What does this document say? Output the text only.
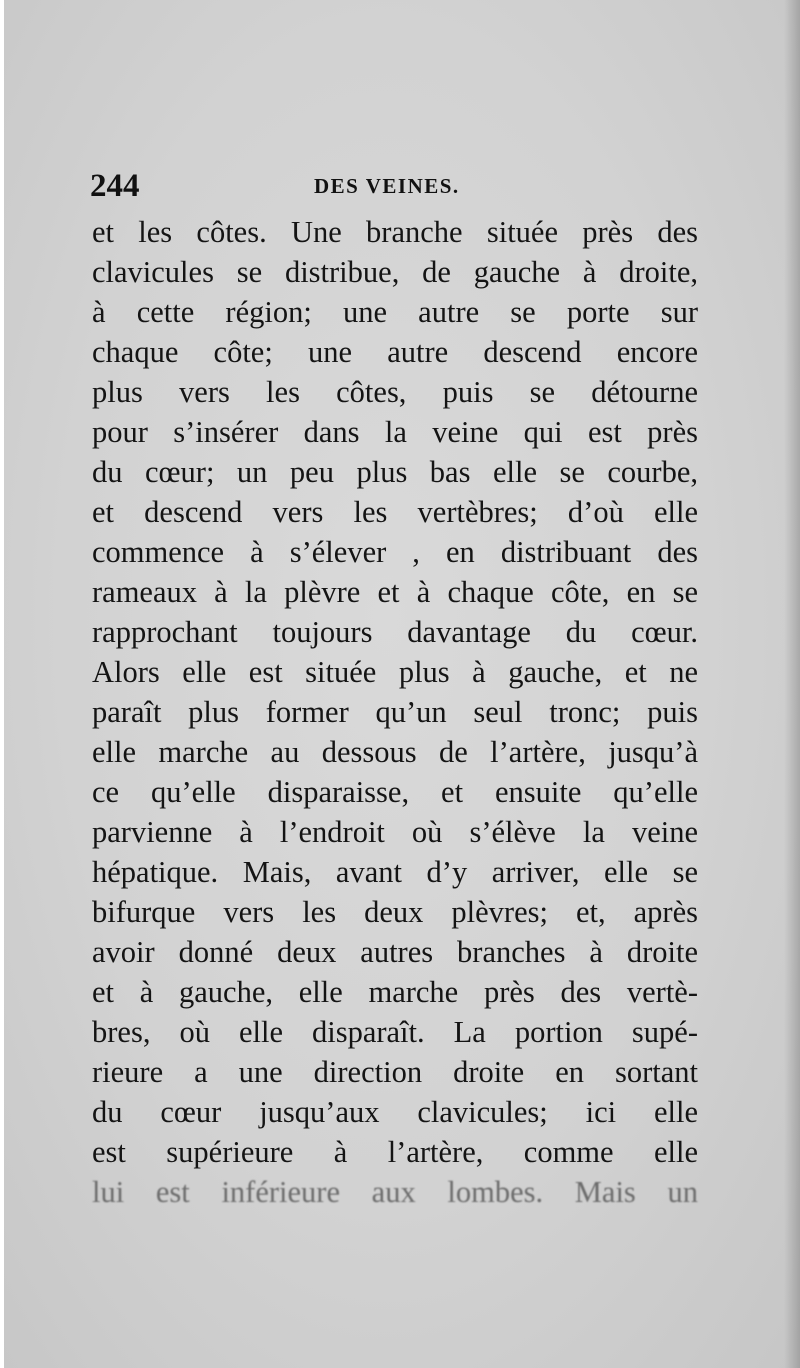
244	DES VEINES.
et les côtes. Une branche située près des
clavicules se distribue, de gauche à droite,
à cette région; une autre se porte sur
chaque côte; une autre descend encore
plus vers les côtes, puis se détourne
pour s’insérer dans la veine qui est près
du cœur; un peu plus bas elle se courbe,
et descend vers les vertèbres; d’où elle
commence à s’élever , en distribuant des
rameaux à la plèvre et à chaque côte, en se
rapprochant toujours davantage du cœur.
Alors elle est située plus à gauche, et ne
paraît plus former qu’un seul tronc; puis
elle marche au dessous de l’artère, jusqu’à
ce qu’elle disparaisse, et ensuite qu’elle
parvienne à l’endroit où s’élève la veine
hépatique. Mais, avant d’y arriver, elle se
bifurque vers les deux plèvres; et, après
avoir donné deux autres branches à droite
et à gauche, elle marche près des vertè-
bres, où elle disparaît. La portion supé-
rieure a une direction droite en sortant
du cœur jusqu’aux clavicules; ici elle
est supérieure à l’artère, comme elle
lui est inférieure aux lombes. Mais un
